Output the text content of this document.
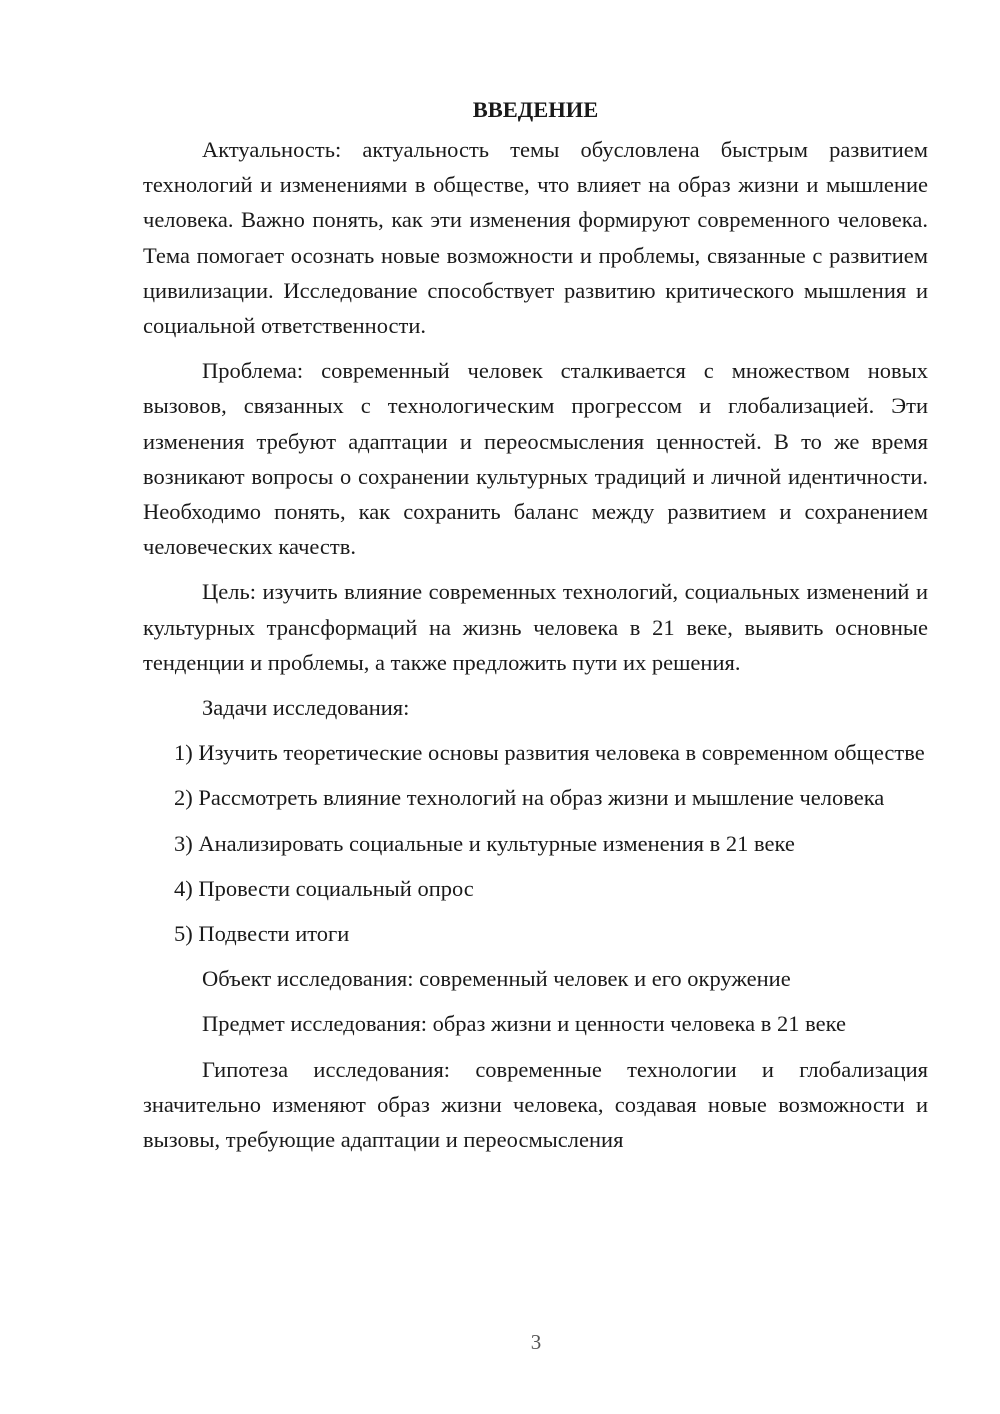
ВВЕДЕНИЕ

Актуальность: актуальность темы обусловлена быстрым развитием технологий и изменениями в обществе, что влияет на образ жизни и мышление человека. Важно понять, как эти изменения формируют современного человека. Тема помогает осознать новые возможности и проблемы, связанные с развитием цивилизации. Исследование способствует развитию критического мышления и социальной ответственности.

Проблема: современный человек сталкивается с множеством новых вызовов, связанных с технологическим прогрессом и глобализацией. Эти изменения требуют адаптации и переосмысления ценностей. В то же время возникают вопросы о сохранении культурных традиций и личной идентичности. Необходимо понять, как сохранить баланс между развитием и сохранением человеческих качеств.

Цель: изучить влияние современных технологий, социальных изменений и культурных трансформаций на жизнь человека в 21 веке, выявить основные тенденции и проблемы, а также предложить пути их решения.

Задачи исследования:

1) Изучить теоретические основы развития человека в современном обществе

2) Рассмотреть влияние технологий на образ жизни и мышление человека

3) Анализировать социальные и культурные изменения в 21 веке

4) Провести социальный опрос

5) Подвести итоги

Объект исследования: современный человек и его окружение

Предмет исследования: образ жизни и ценности человека в 21 веке

Гипотеза исследования: современные технологии и глобализация значительно изменяют образ жизни человека, создавая новые возможности и вызовы, требующие адаптации и переосмысления

3
